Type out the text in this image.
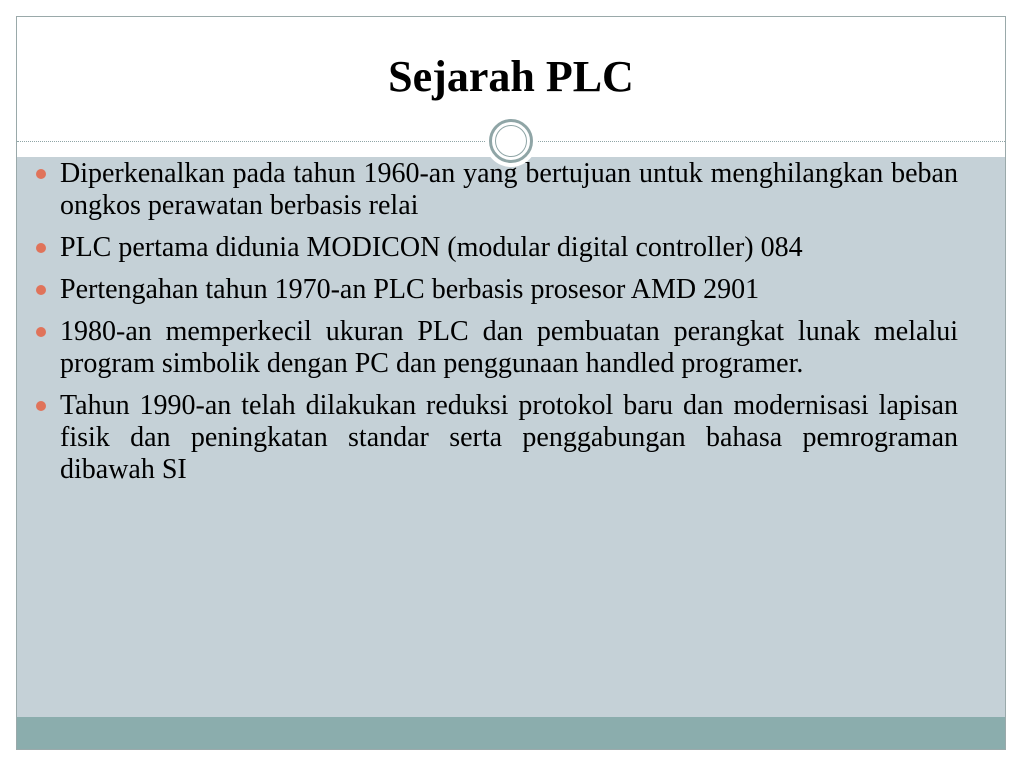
Sejarah PLC
Diperkenalkan pada tahun 1960-an yang bertujuan untuk menghilangkan beban ongkos perawatan berbasis relai
PLC pertama didunia MODICON (modular digital controller) 084
Pertengahan tahun 1970-an PLC berbasis prosesor AMD 2901
1980-an memperkecil ukuran PLC dan pembuatan perangkat lunak melalui program simbolik dengan PC dan penggunaan handled programer.
Tahun 1990-an telah dilakukan reduksi protokol baru dan modernisasi lapisan fisik dan peningkatan standar serta penggabungan bahasa pemrograman dibawah SI
